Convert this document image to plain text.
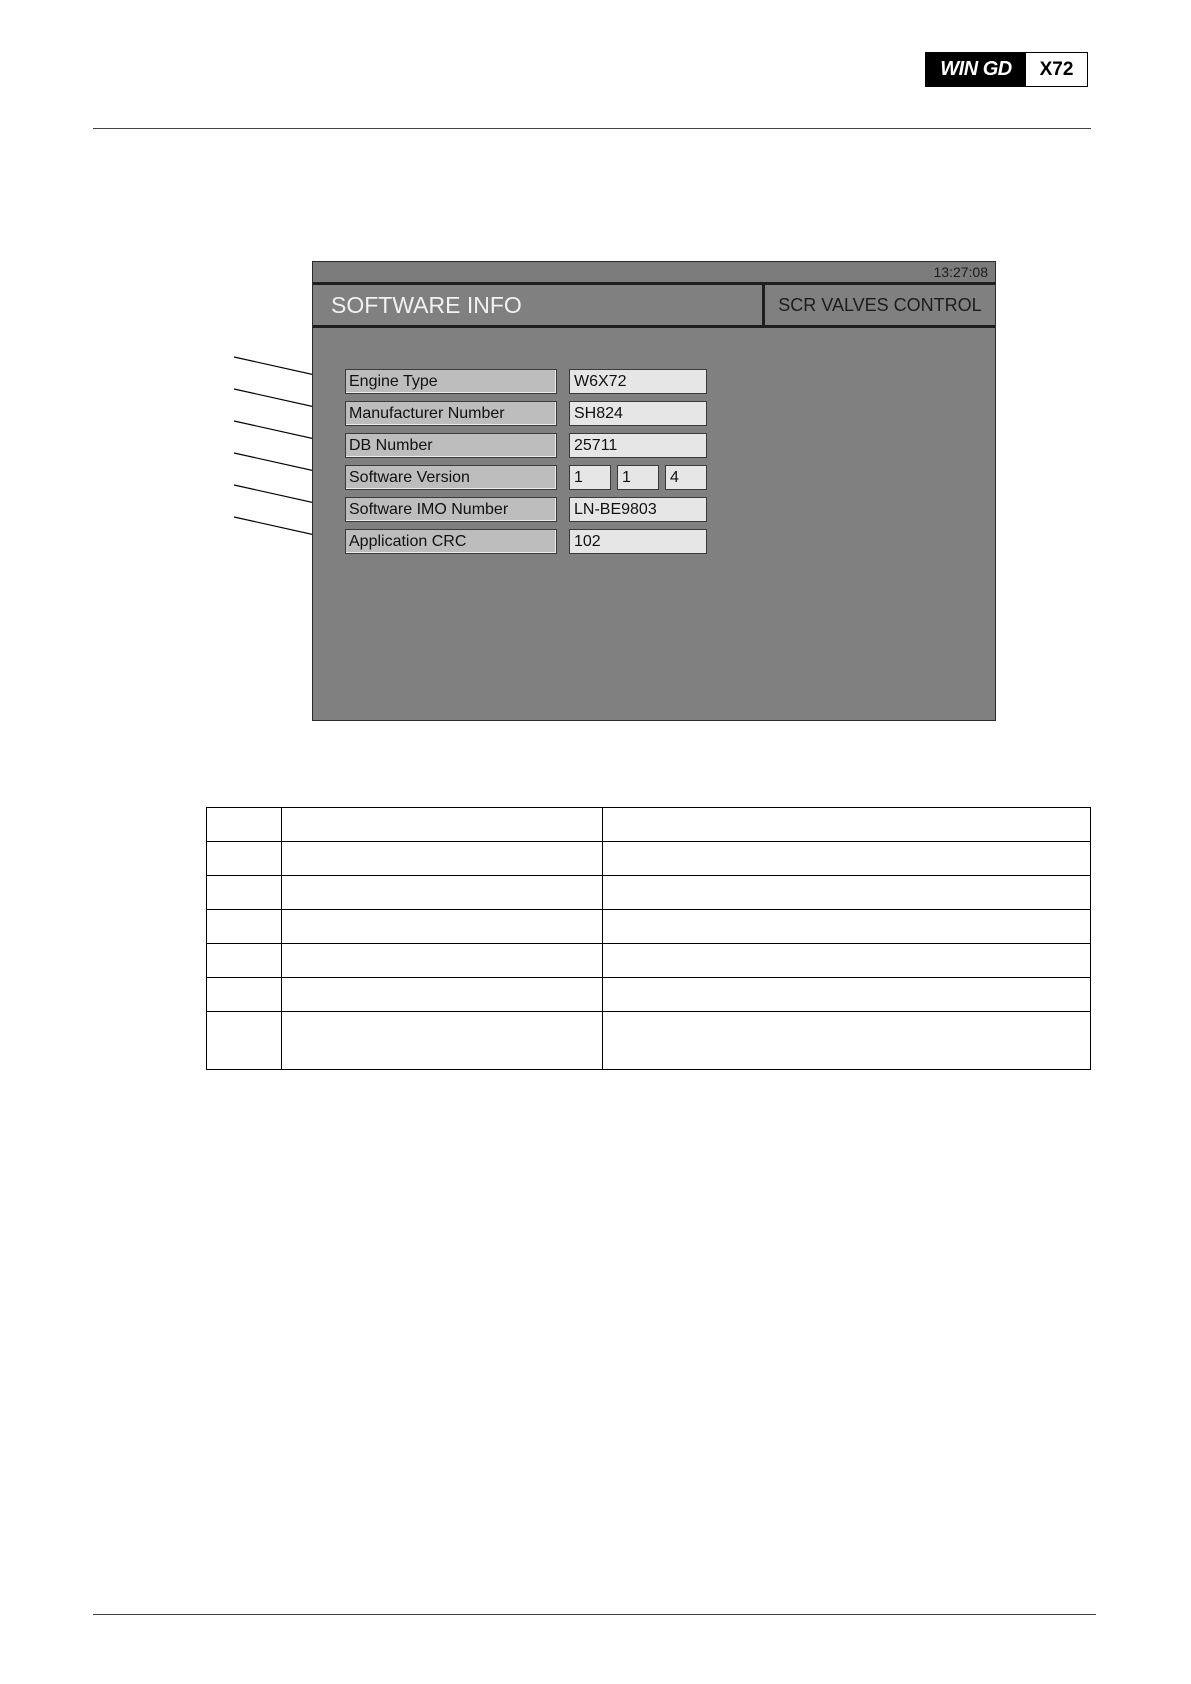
WIN GD	X72
13:27:08
SOFTWARE INFO	SCR VALVES CONTROL
Engine Type	W6X72
Manufacturer Number	SH824
DB Number	25711
Software Version	1	1	4
Software IMO Number	LN-BE9803
Application CRC	102
